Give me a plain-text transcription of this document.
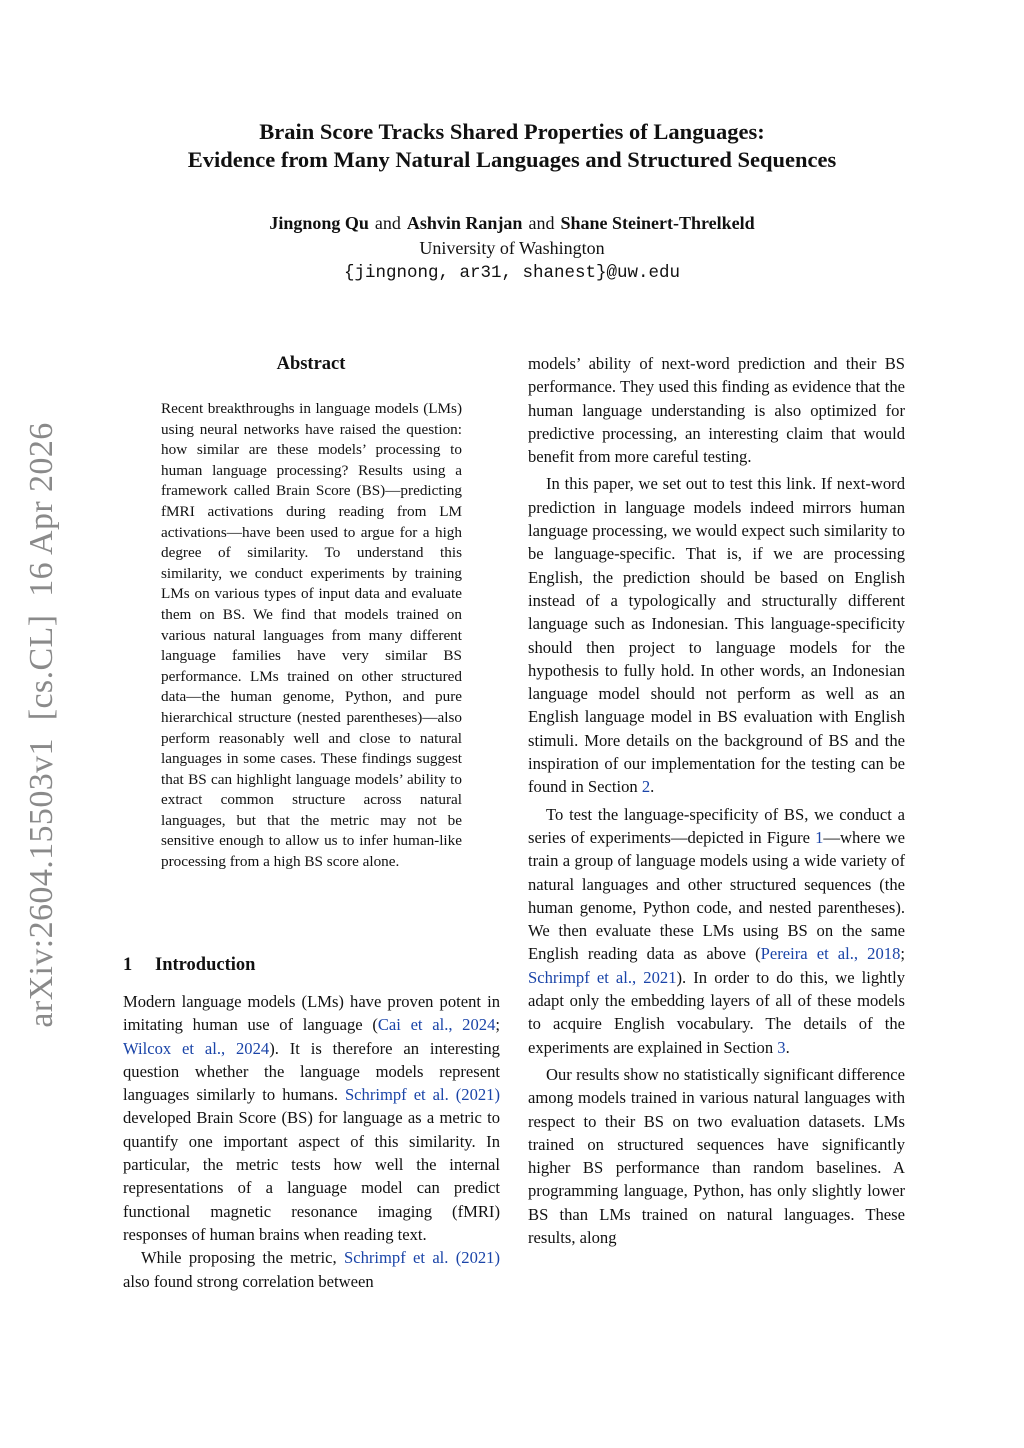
Brain Score Tracks Shared Properties of Languages:
Evidence from Many Natural Languages and Structured Sequences
Jingnong Qu and Ashvin Ranjan and Shane Steinert-Threlkeld
University of Washington
{jingnong, ar31, shanest}@uw.edu
arXiv:2604.15503v1  [cs.CL]  16 Apr 2026
Abstract

Recent breakthroughs in language models (LMs) using neural networks have raised the question: how similar are these models’ processing to human language processing? Results using a framework called Brain Score (BS)—predicting fMRI activations during reading from LM activations—have been used to argue for a high degree of similarity. To understand this similarity, we conduct experiments by training LMs on various types of input data and evaluate them on BS. We find that models trained on various natural languages from many different language families have very similar BS performance. LMs trained on other structured data—the human genome, Python, and pure hierarchical structure (nested parentheses)—also perform reasonably well and close to natural languages in some cases. These findings suggest that BS can highlight language models’ ability to extract common structure across natural languages, but that the metric may not be sensitive enough to allow us to infer human-like processing from a high BS score alone.

1 Introduction

Modern language models (LMs) have proven potent in imitating human use of language (Cai et al., 2024; Wilcox et al., 2024). It is therefore an interesting question whether the language models represent languages similarly to humans. Schrimpf et al. (2021) developed Brain Score (BS) for language as a metric to quantify one important aspect of this similarity. In particular, the metric tests how well the internal representations of a language model can predict functional magnetic resonance imaging (fMRI) responses of human brains when reading text.

While proposing the metric, Schrimpf et al. (2021) also found strong correlation between

models’ ability of next-word prediction and their BS performance. They used this finding as evidence that the human language understanding is also optimized for predictive processing, an interesting claim that would benefit from more careful testing.

In this paper, we set out to test this link. If next-word prediction in language models indeed mirrors human language processing, we would expect such similarity to be language-specific. That is, if we are processing English, the prediction should be based on English instead of a typologically and structurally different language such as Indonesian. This language-specificity should then project to language models for the hypothesis to fully hold. In other words, an Indonesian language model should not perform as well as an English language model in BS evaluation with English stimuli. More details on the background of BS and the inspiration of our implementation for the testing can be found in Section 2.

To test the language-specificity of BS, we conduct a series of experiments—depicted in Figure 1—where we train a group of language models using a wide variety of natural languages and other structured sequences (the human genome, Python code, and nested parentheses). We then evaluate these LMs using BS on the same English reading data as above (Pereira et al., 2018; Schrimpf et al., 2021). In order to do this, we lightly adapt only the embedding layers of all of these models to acquire English vocabulary. The details of the experiments are explained in Section 3.

Our results show no statistically significant difference among models trained in various natural languages with respect to their BS on two evaluation datasets. LMs trained on structured sequences have significantly higher BS performance than random baselines. A programming language, Python, has only slightly lower BS than LMs trained on natural languages. These results, along
